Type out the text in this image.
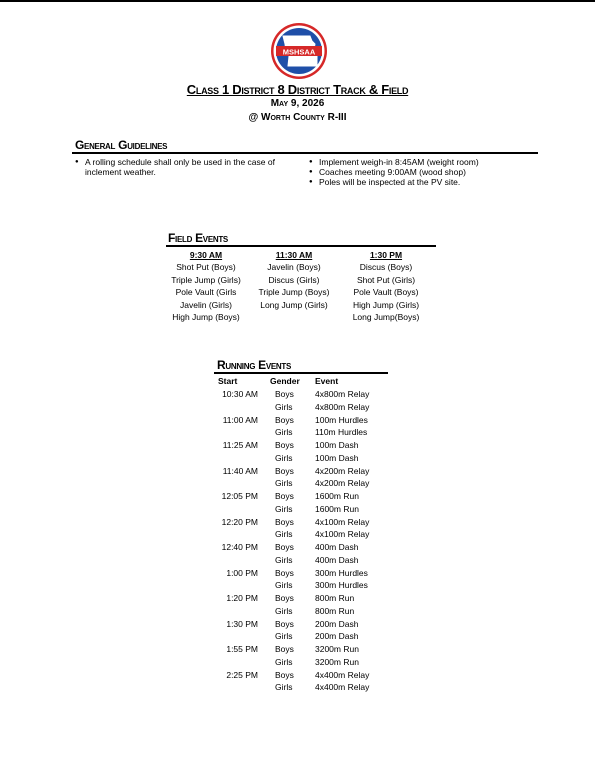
MSHSAA
Class 1 District 8 District Track & Field
May 9, 2026
@ Worth County R-III
General Guidelines
● A rolling schedule shall only be used in the case of inclement weather.
● Implement weigh-in 8:45AM (weight room)
● Coaches meeting 9:00AM (wood shop)
● Poles will be inspected at the PV site.
Field Events
9:30 AM
Shot Put (Boys)
Triple Jump (Girls)
Pole Vault (Girls
Javelin (Girls)
High Jump (Boys)
11:30 AM
Javelin (Boys)
Discus (Girls)
Triple Jump (Boys)
Long Jump (Girls)
1:30 PM
Discus (Boys)
Shot Put (Girls)
Pole Vault (Boys)
High Jump (Girls)
Long Jump(Boys)
Running Events
Start	Gender Event
10:30 AM Boys	4x800m Relay
Girls	4x800m Relay
11:00 AM Boys	100m Hurdles
Girls	110m Hurdles
11:25 AM Boys	100m Dash
Girls	100m Dash
11:40 AM Boys	4x200m Relay
Girls	4x200m Relay
12:05 PM Boys	1600m Run
Girls	1600m Run
12:20 PM Boys	4x100m Relay
Girls	4x100m Relay
12:40 PM Boys	400m Dash
Girls	400m Dash
1:00 PM Boys	300m Hurdles
Girls	300m Hurdles
1:20 PM Boys	800m Run
Girls	800m Run
1:30 PM Boys	200m Dash
Girls	200m Dash
1:55 PM Boys	3200m Run
Girls	3200m Run
2:25 PM Boys	4x400m Relay
Girls	4x400m Relay
